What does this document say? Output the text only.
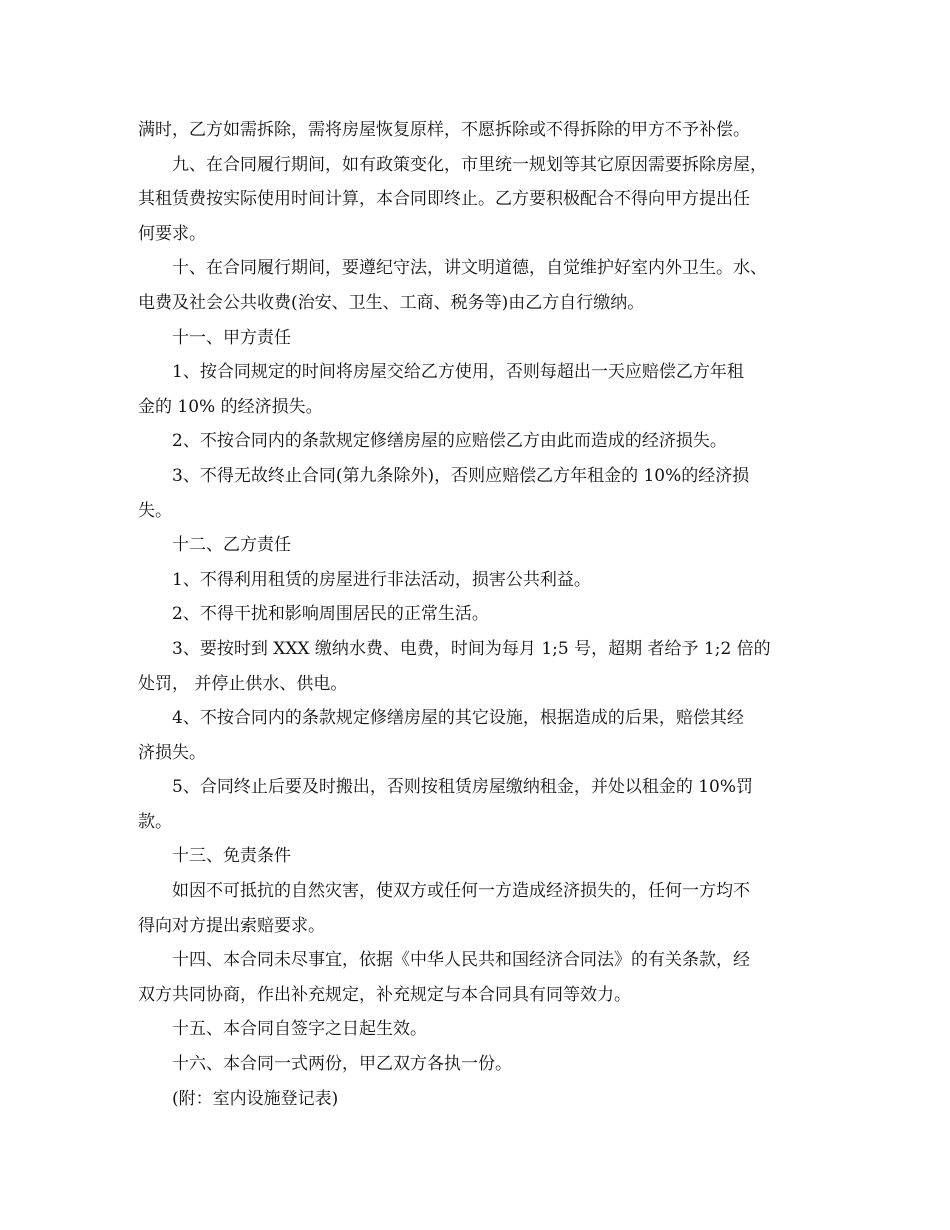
满时，乙方如需拆除，需将房屋恢复原样，不愿拆除或不得拆除的甲方不予补偿。
九、在合同履行期间，如有政策变化，市里统一规划等其它原因需要拆除房屋，
其租赁费按实际使用时间计算，本合同即终止。乙方要积极配合不得向甲方提出任
何要求。
十、在合同履行期间，要遵纪守法，讲文明道德，自觉维护好室内外卫生。水、
电费及社会公共收费(治安、卫生、工商、税务等)由乙方自行缴纳。
十一、甲方责任
1、按合同规定的时间将房屋交给乙方使用，否则每超出一天应赔偿乙方年租
金的 10% 的经济损失。
2、不按合同内的条款规定修缮房屋的应赔偿乙方由此而造成的经济损失。
3、不得无故终止合同(第九条除外)，否则应赔偿乙方年租金的 10%的经济损
失。
十二、乙方责任
1、不得利用租赁的房屋进行非法活动，损害公共利益。
2、不得干扰和影响周围居民的正常生活。
3、要按时到 XXX 缴纳水费、电费，时间为每月 1;5 号，超期 者给予 1;2 倍的
处罚， 并停止供水、供电。
4、不按合同内的条款规定修缮房屋的其它设施，根据造成的后果，赔偿其经
济损失。
5、合同终止后要及时搬出，否则按租赁房屋缴纳租金，并处以租金的 10%罚
款。
十三、免责条件
如因不可抵抗的自然灾害，使双方或任何一方造成经济损失的，任何一方均不
得向对方提出索赔要求。
十四、本合同未尽事宜，依据《中华人民共和国经济合同法》的有关条款，经
双方共同协商，作出补充规定，补充规定与本合同具有同等效力。
十五、本合同自签字之日起生效。
十六、本合同一式两份，甲乙双方各执一份。
(附：室内设施登记表)
